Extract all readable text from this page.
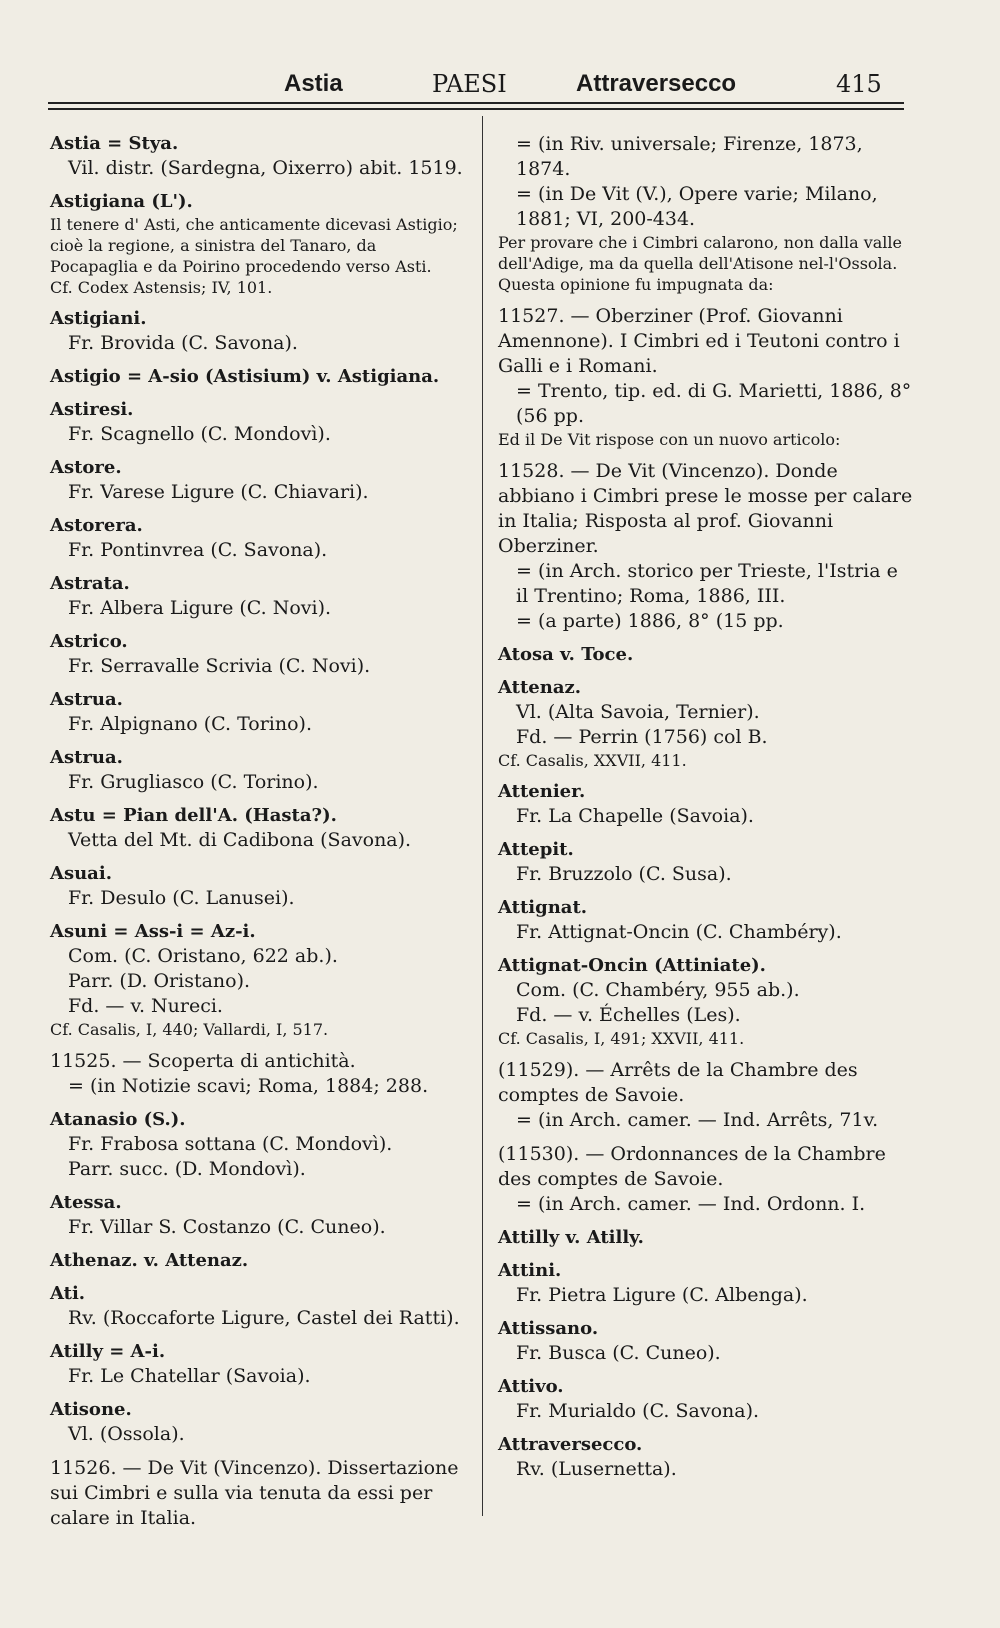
Astia	PAESI	Attraversecco	415
Astia = Stya.
Vil. distr. (Sardegna, Oixerro) abit. 1519.
Astigiana (L').
Il tenere d' Asti, che anticamente dicevasi Astigio; cioè la regione, a sinistra del Tanaro, da Pocapaglia e da Poirino procedendo verso Asti.
Cf. Codex Astensis; IV, 101.
Astigiani.
Fr. Brovida (C. Savona).
Astigio = A-sio (Astisium) v. Astigiana.
Astiresi.
Fr. Scagnello (C. Mondovì).
Astore.
Fr. Varese Ligure (C. Chiavari).
Astorera.
Fr. Pontinvrea (C. Savona).
Astrata.
Fr. Albera Ligure (C. Novi).
Astrico.
Fr. Serravalle Scrivia (C. Novi).
Astrua.
Fr. Alpignano (C. Torino).
Astrua.
Fr. Grugliasco (C. Torino).
Astu = Pian dell'A. (Hasta?).
Vetta del Mt. di Cadibona (Savona).
Asuai.
Fr. Desulo (C. Lanusei).
Asuni = Ass-i = Az-i.
Com. (C. Oristano, 622 ab.).
Parr. (D. Oristano).
Fd. — v. Nureci.
Cf. Casalis, I, 440; Vallardi, I, 517.
11525. — Scoperta di antichità.
= (in Notizie scavi; Roma, 1884; 288.
Atanasio (S.).
Fr. Frabosa sottana (C. Mondovì).
Parr. succ. (D. Mondovì).
Atessa.
Fr. Villar S. Costanzo (C. Cuneo).
Athenaz. v. Attenaz.
Ati.
Rv. (Roccaforte Ligure, Castel dei Ratti).
Atilly = A-i.
Fr. Le Chatellar (Savoia).
Atisone.
Vl. (Ossola).
11526. — De Vit (Vincenzo). Dissertazione sui Cimbri e sulla via tenuta da essi per calare in Italia.
= (in Riv. universale; Firenze, 1873, 1874.
= (in De Vit (V.), Opere varie; Milano, 1881; VI, 200-434.
Per provare che i Cimbri calarono, non dalla valle dell'Adige, ma da quella dell'Atisone nel-l'Ossola. Questa opinione fu impugnata da:
11527. — Oberziner (Prof. Giovanni Amennone). I Cimbri ed i Teutoni contro i Galli e i Romani.
= Trento, tip. ed. di G. Marietti, 1886, 8° (56 pp.
Ed il De Vit rispose con un nuovo articolo:
11528. — De Vit (Vincenzo). Donde abbiano i Cimbri prese le mosse per calare in Italia; Risposta al prof. Giovanni Oberziner.
= (in Arch. storico per Trieste, l'Istria e il Trentino; Roma, 1886, III.
= (a parte) 1886, 8° (15 pp.
Atosa v. Toce.
Attenaz.
Vl. (Alta Savoia, Ternier).
Fd. — Perrin (1756) col B.
Cf. Casalis, XXVII, 411.
Attenier.
Fr. La Chapelle (Savoia).
Attepit.
Fr. Bruzzolo (C. Susa).
Attignat.
Fr. Attignat-Oncin (C. Chambéry).
Attignat-Oncin (Attiniate).
Com. (C. Chambéry, 955 ab.).
Fd. — v. Échelles (Les).
Cf. Casalis, I, 491; XXVII, 411.
(11529). — Arrêts de la Chambre des comptes de Savoie.
= (in Arch. camer. — Ind. Arrêts, 71v.
(11530). — Ordonnances de la Chambre des comptes de Savoie.
= (in Arch. camer. — Ind. Ordonn. I.
Attilly v. Atilly.
Attini.
Fr. Pietra Ligure (C. Albenga).
Attissano.
Fr. Busca (C. Cuneo).
Attivo.
Fr. Murialdo (C. Savona).
Attraversecco.
Rv. (Lusernetta).
